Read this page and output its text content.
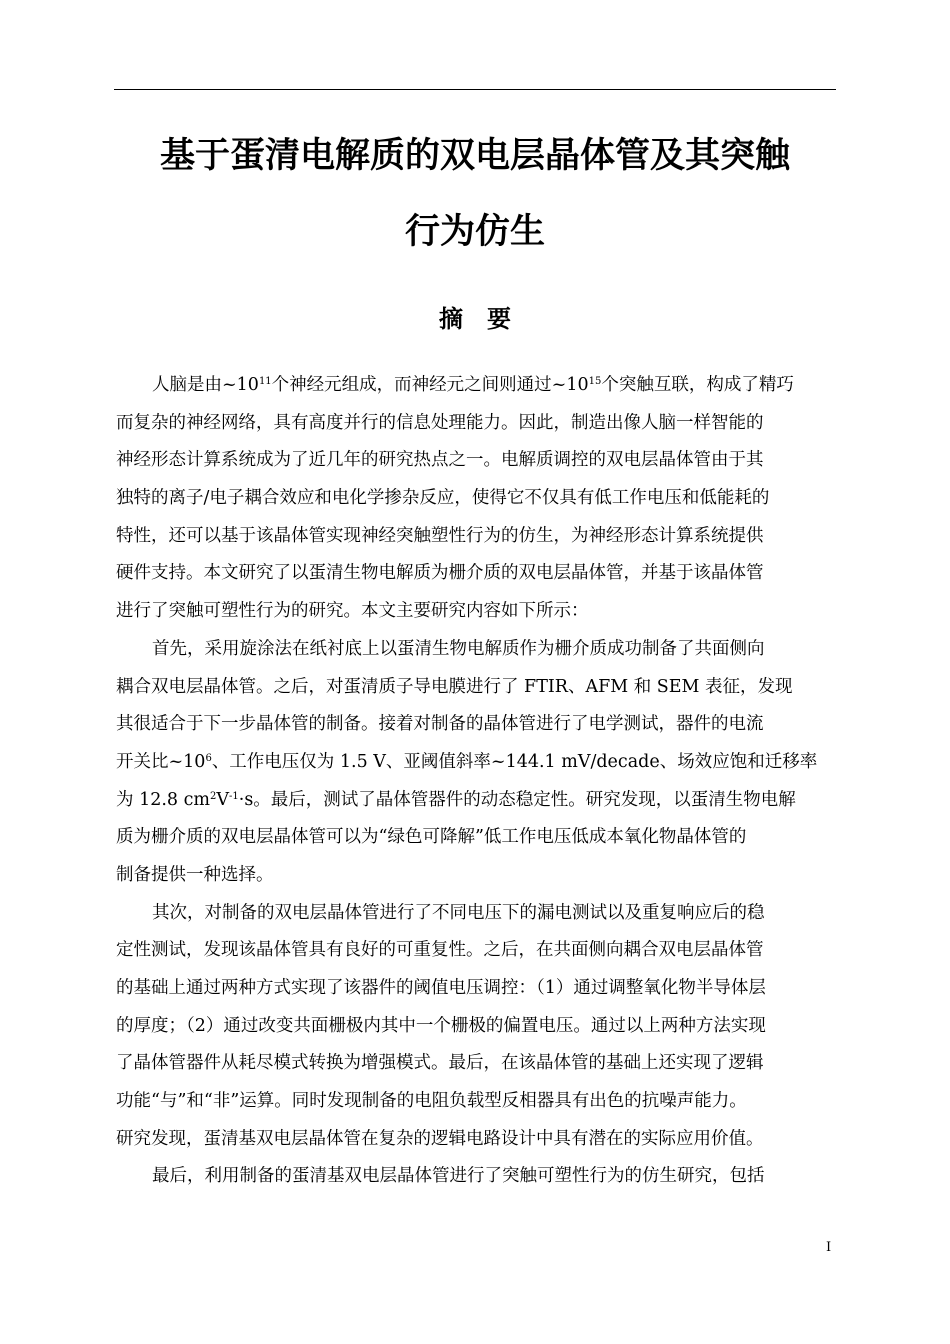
基于蛋清电解质的双电层晶体管及其突触
行为仿生
摘 要
人脑是由$\sim 10^{11}$个神经元组成，而神经元之间则通过$\sim 10^{15}$个突触互联，构成了精巧
而复杂的神经网络，具有高度并行的信息处理能力。因此，制造出像人脑一样智能的
神经形态计算系统成为了近几年的研究热点之一。电解质调控的双电层晶体管由于其
独特的离子/电子耦合效应和电化学掺杂反应，使得它不仅具有低工作电压和低能耗的
特性，还可以基于该晶体管实现神经突触塑性行为的仿生，为神经形态计算系统提供
硬件支持。本文研究了以蛋清生物电解质为栅介质的双电层晶体管，并基于该晶体管
进行了突触可塑性行为的研究。本文主要研究内容如下所示：
首先，采用旋涂法在纸衬底上以蛋清生物电解质作为栅介质成功制备了共面侧向
耦合双电层晶体管。之后，对蛋清质子导电膜进行了 FTIR、AFM 和 SEM 表征，发现
其很适合于下一步晶体管的制备。接着对制备的晶体管进行了电学测试，器件的电流
开关比$\sim 10^6$、工作电压仅为 1.5 V、亚阈值斜率~144.1 mV/decade、场效应饱和迁移率
为 12.8 $cm^2V^{-1}\cdot s$。最后，测试了晶体管器件的动态稳定性。研究发现，以蛋清生物电解
质为栅介质的双电层晶体管可以为“绿色可降解”低工作电压低成本氧化物晶体管的
制备提供一种选择。
其次，对制备的双电层晶体管进行了不同电压下的漏电测试以及重复响应后的稳
定性测试，发现该晶体管具有良好的可重复性。之后，在共面侧向耦合双电层晶体管
的基础上通过两种方式实现了该器件的阈值电压调控：（1）通过调整氧化物半导体层
的厚度；（2）通过改变共面栅极内其中一个栅极的偏置电压。通过以上两种方法实现
了晶体管器件从耗尽模式转换为增强模式。最后，在该晶体管的基础上还实现了逻辑
功能“与”和“非”运算。同时发现制备的电阻负载型反相器具有出色的抗噪声能力。
研究发现，蛋清基双电层晶体管在复杂的逻辑电路设计中具有潜在的实际应用价值。
最后，利用制备的蛋清基双电层晶体管进行了突触可塑性行为的仿生研究，包括
I
